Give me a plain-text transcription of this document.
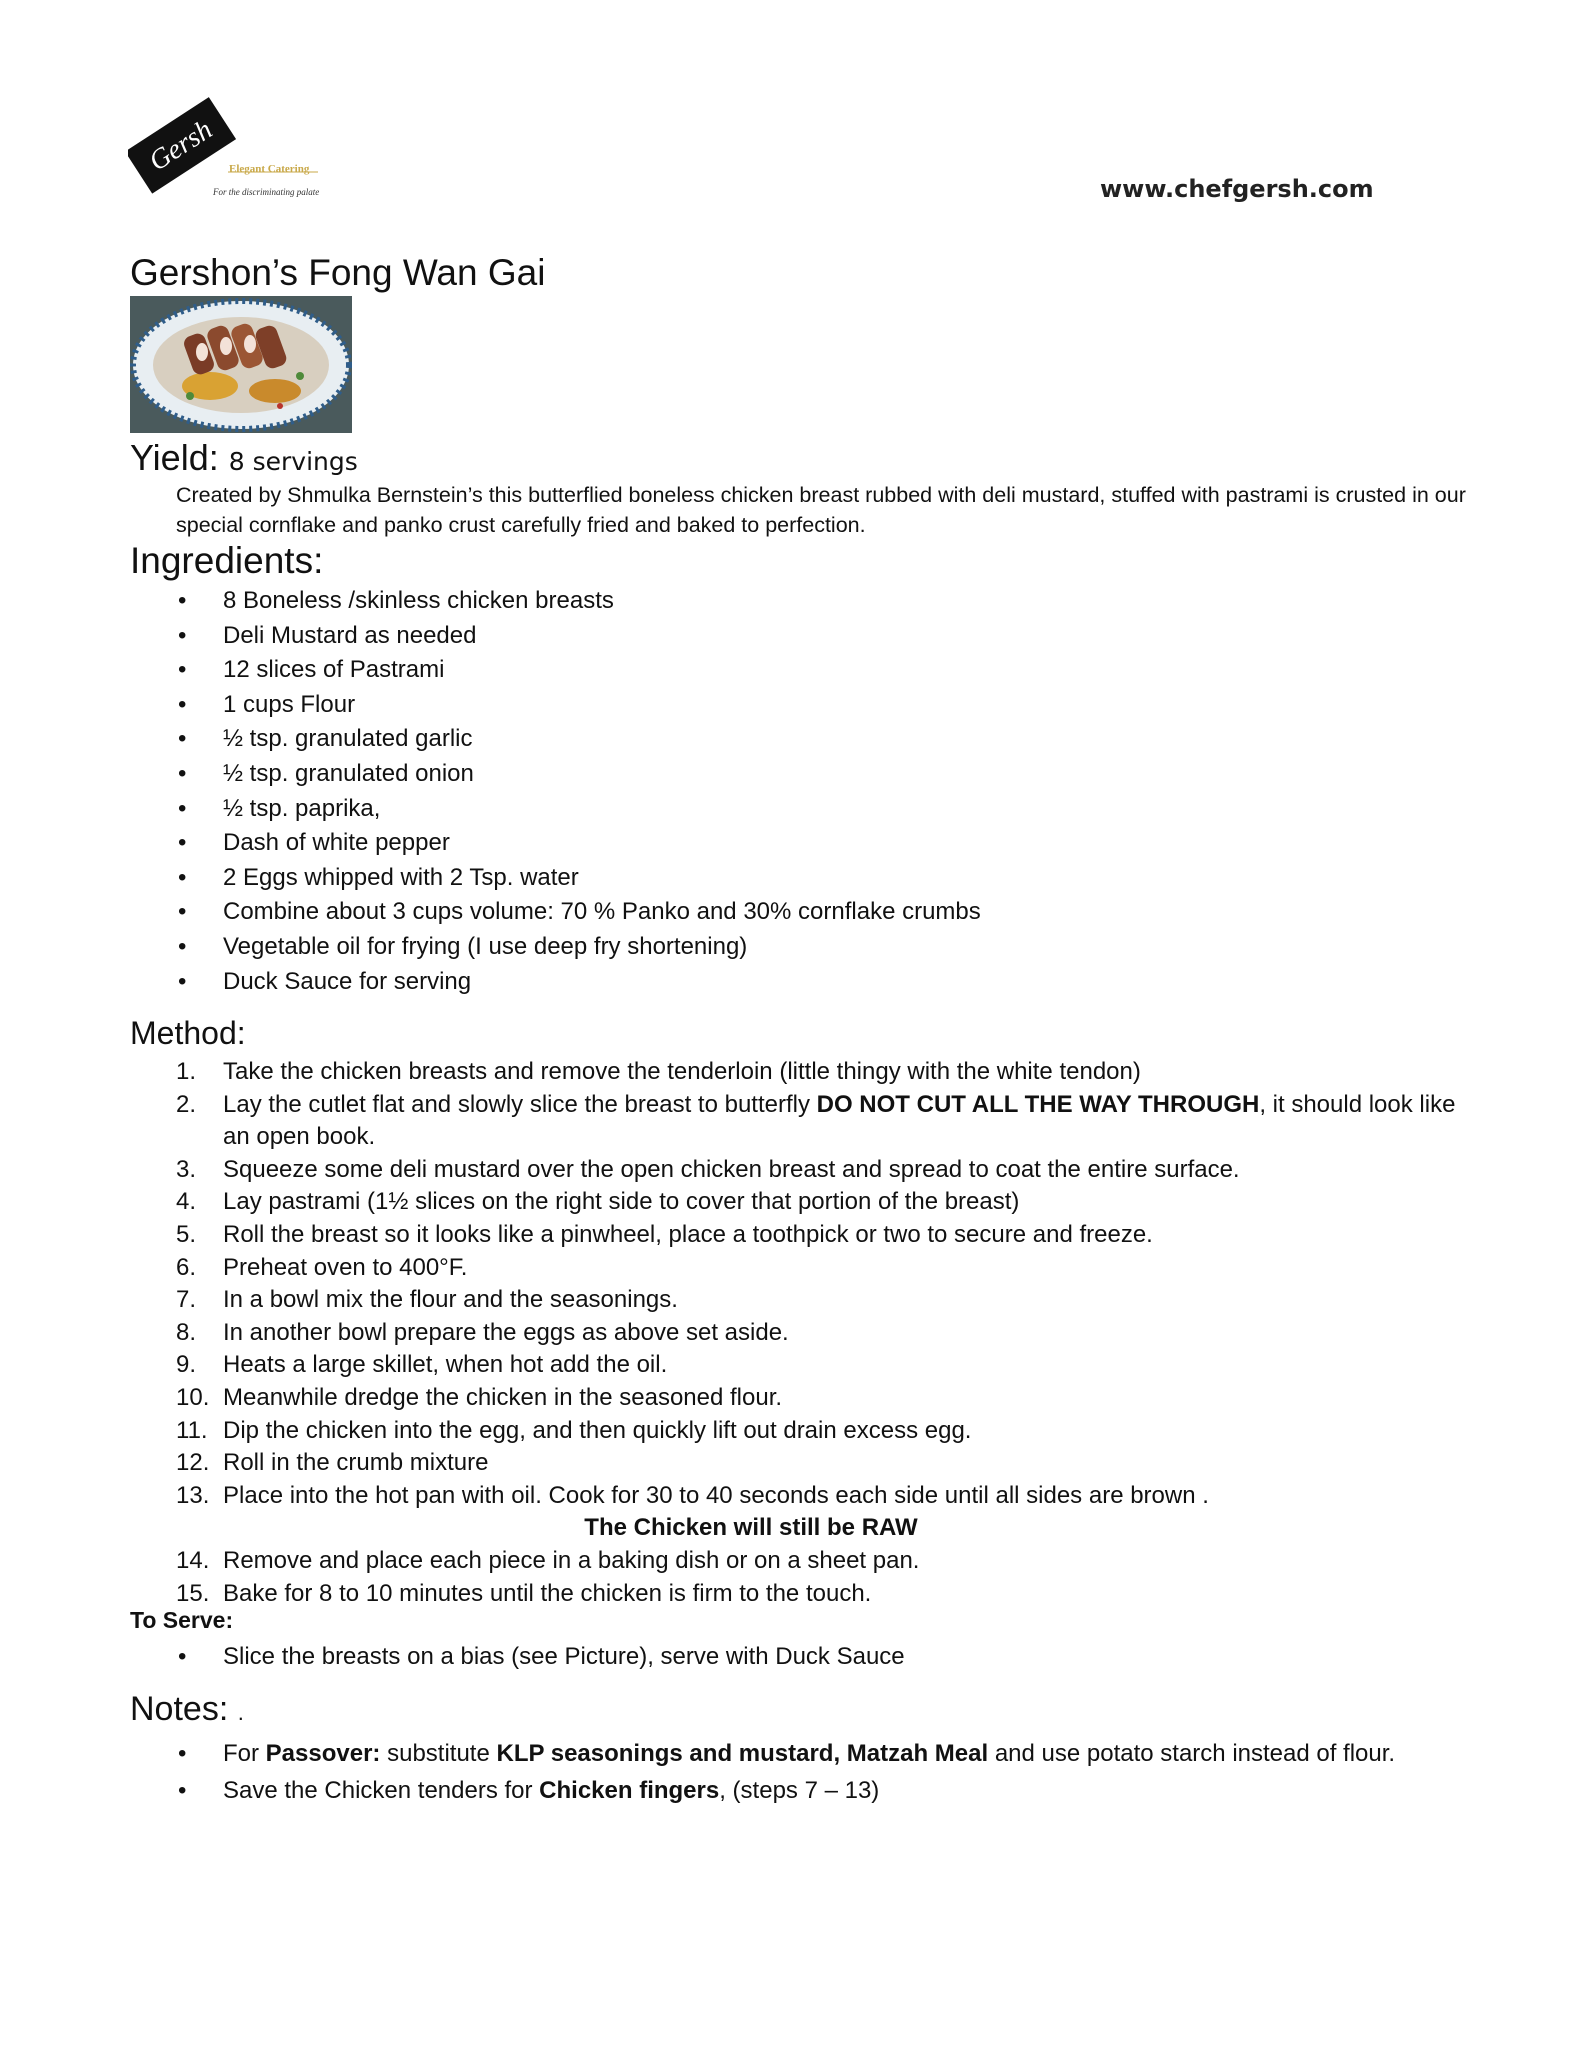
Gersh Elegant Catering
For the discriminating palate	www.chefgersh.com
Gershon’s Fong Wan Gai
Yield: 8 servings
Created by Shmulka Bernstein’s this butterflied boneless chicken breast rubbed with deli mustard, stuffed with pastrami is crusted in our special cornflake and panko crust carefully fried and baked to perfection.
Ingredients:
• 8 Boneless /skinless chicken breasts
• Deli Mustard as needed
• 12 slices of Pastrami
• 1 cups Flour
• ½ tsp. granulated garlic
• ½ tsp. granulated onion
• ½ tsp. paprika,
• Dash of white pepper
• 2 Eggs whipped with 2 Tsp. water
• Combine about 3 cups volume: 70 % Panko and 30% cornflake crumbs
• Vegetable oil for frying (I use deep fry shortening)
• Duck Sauce for serving
Method:
1. Take the chicken breasts and remove the tenderloin (little thingy with the white tendon)
2. Lay the cutlet flat and slowly slice the breast to butterfly DO NOT CUT ALL THE WAY THROUGH, it should look like an open book.
3. Squeeze some deli mustard over the open chicken breast and spread to coat the entire surface.
4. Lay pastrami (1½ slices on the right side to cover that portion of the breast)
5. Roll the breast so it looks like a pinwheel, place a toothpick or two to secure and freeze.
6. Preheat oven to 400°F.
7. In a bowl mix the flour and the seasonings.
8. In another bowl prepare the eggs as above set aside.
9. Heats a large skillet, when hot add the oil.
10. Meanwhile dredge the chicken in the seasoned flour.
11. Dip the chicken into the egg, and then quickly lift out drain excess egg.
12. Roll in the crumb mixture
13. Place into the hot pan with oil. Cook for 30 to 40 seconds each side until all sides are brown .
The Chicken will still be RAW
14. Remove and place each piece in a baking dish or on a sheet pan.
15. Bake for 8 to 10 minutes until the chicken is firm to the touch.
To Serve:
• Slice the breasts on a bias (see Picture), serve with Duck Sauce
Notes: .
• For Passover: substitute KLP seasonings and mustard, Matzah Meal and use potato starch instead of flour.
• Save the Chicken tenders for Chicken fingers, (steps 7 – 13)
